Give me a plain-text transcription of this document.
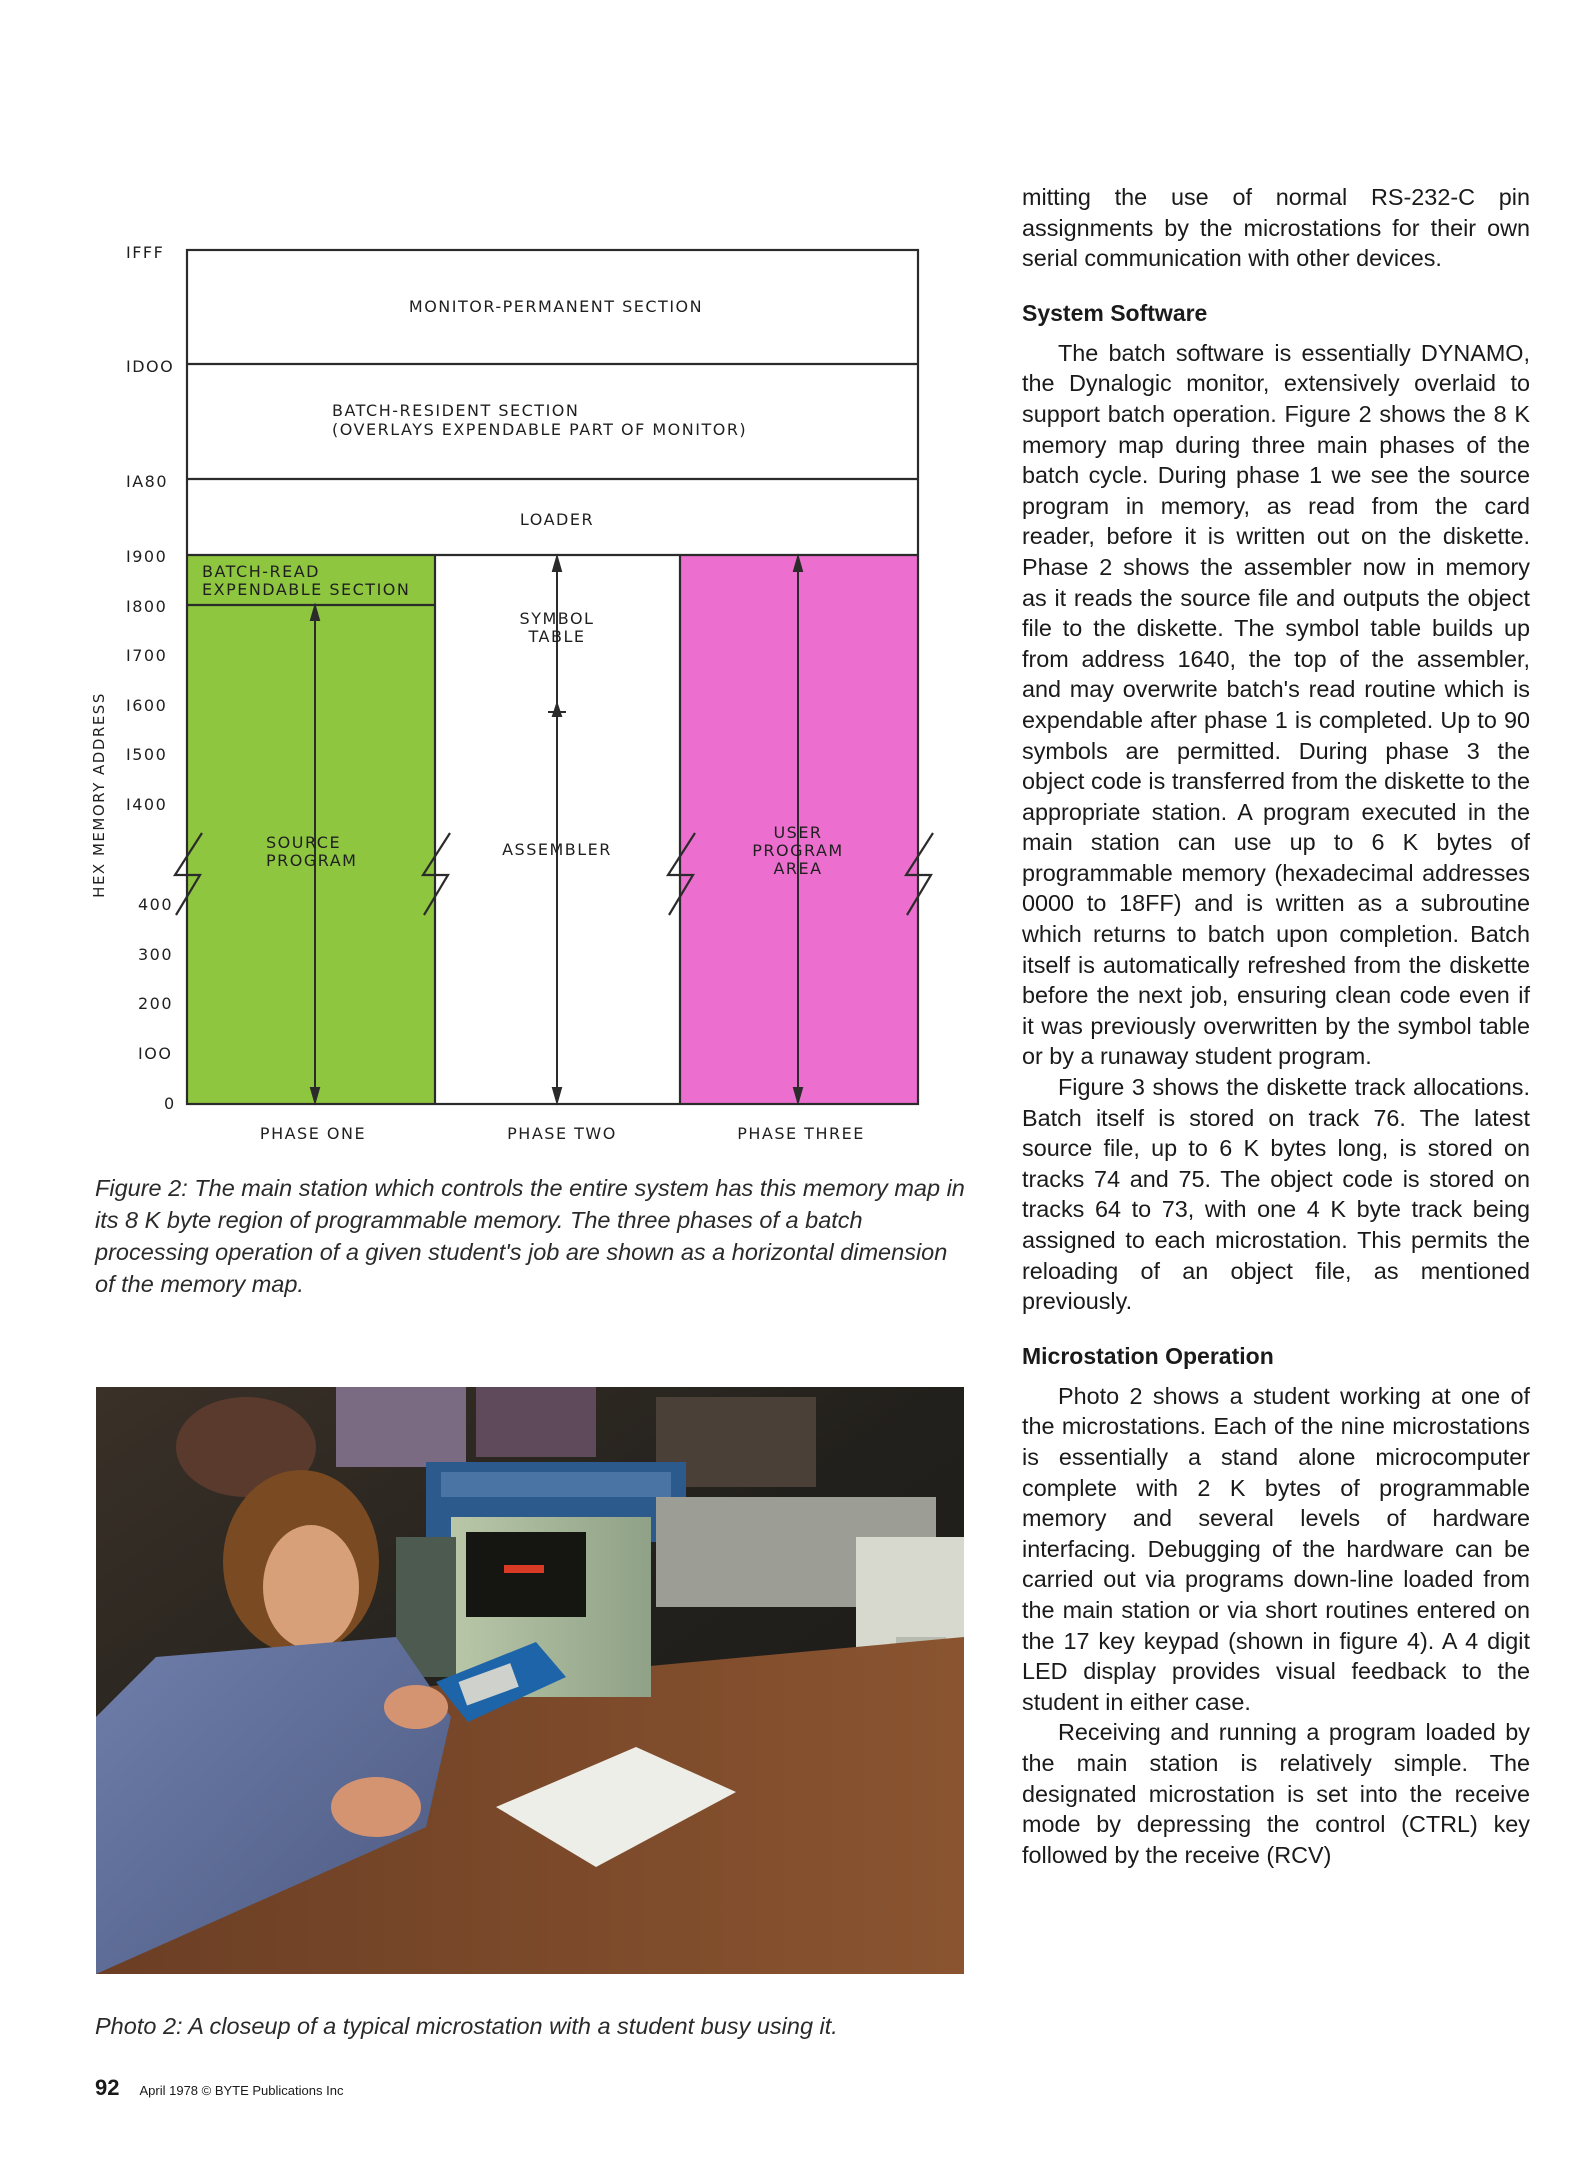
HEX MEMORY ADDRESS
IFFF
IDOO
IA80
I900
I800
I700
I600
I500
I400
400
300
200
IOO
0
MONITOR-PERMANENT SECTION
BATCH-RESIDENT SECTION
(OVERLAYS EXPENDABLE PART OF MONITOR)
LOADER
BATCH-READ
EXPENDABLE SECTION
SOURCE
PROGRAM
SYMBOL
TABLE
ASSEMBLER
USER
PROGRAM
AREA
PHASE ONE	PHASE TWO	PHASE THREE

Figure 2: The main station which controls the entire system has this memory map in its 8 K byte region of programmable memory. The three phases of a batch processing operation of a given student's job are shown as a horizontal dimension of the memory map.

Photo 2: A closeup of a typical microstation with a student busy using it.

mitting the use of normal RS-232-C pin assignments by the microstations for their own serial communication with other devices.

System Software

The batch software is essentially DYNAMO, the Dynalogic monitor, extensively overlaid to support batch operation. Figure 2 shows the 8 K memory map during three main phases of the batch cycle. During phase 1 we see the source program in memory, as read from the card reader, before it is written out on the diskette. Phase 2 shows the assembler now in memory as it reads the source file and outputs the object file to the diskette. The symbol table builds up from address 1640, the top of the assembler, and may overwrite batch's read routine which is expendable after phase 1 is completed. Up to 90 symbols are permitted. During phase 3 the object code is transferred from the diskette to the appropriate station. A program executed in the main station can use up to 6 K bytes of programmable memory (hexadecimal addresses 0000 to 18FF) and is written as a subroutine which returns to batch upon completion. Batch itself is automatically refreshed from the diskette before the next job, ensuring clean code even if it was previously overwritten by the symbol table or by a runaway student program.

Figure 3 shows the diskette track allocations. Batch itself is stored on track 76. The latest source file, up to 6 K bytes long, is stored on tracks 74 and 75. The object code is stored on tracks 64 to 73, with one 4 K byte track being assigned to each microstation. This permits the reloading of an object file, as mentioned previously.

Microstation Operation

Photo 2 shows a student working at one of the microstations. Each of the nine microstations is essentially a stand alone microcomputer complete with 2 K bytes of programmable memory and several levels of hardware interfacing. Debugging of the hardware can be carried out via programs down-line loaded from the main station or via short routines entered on the 17 key keypad (shown in figure 4). A 4 digit LED display provides visual feedback to the student in either case.

Receiving and running a program loaded by the main station is relatively simple. The designated microstation is set into the receive mode by depressing the control (CTRL) key followed by the receive (RCV)

92 April 1978 © BYTE Publications Inc
